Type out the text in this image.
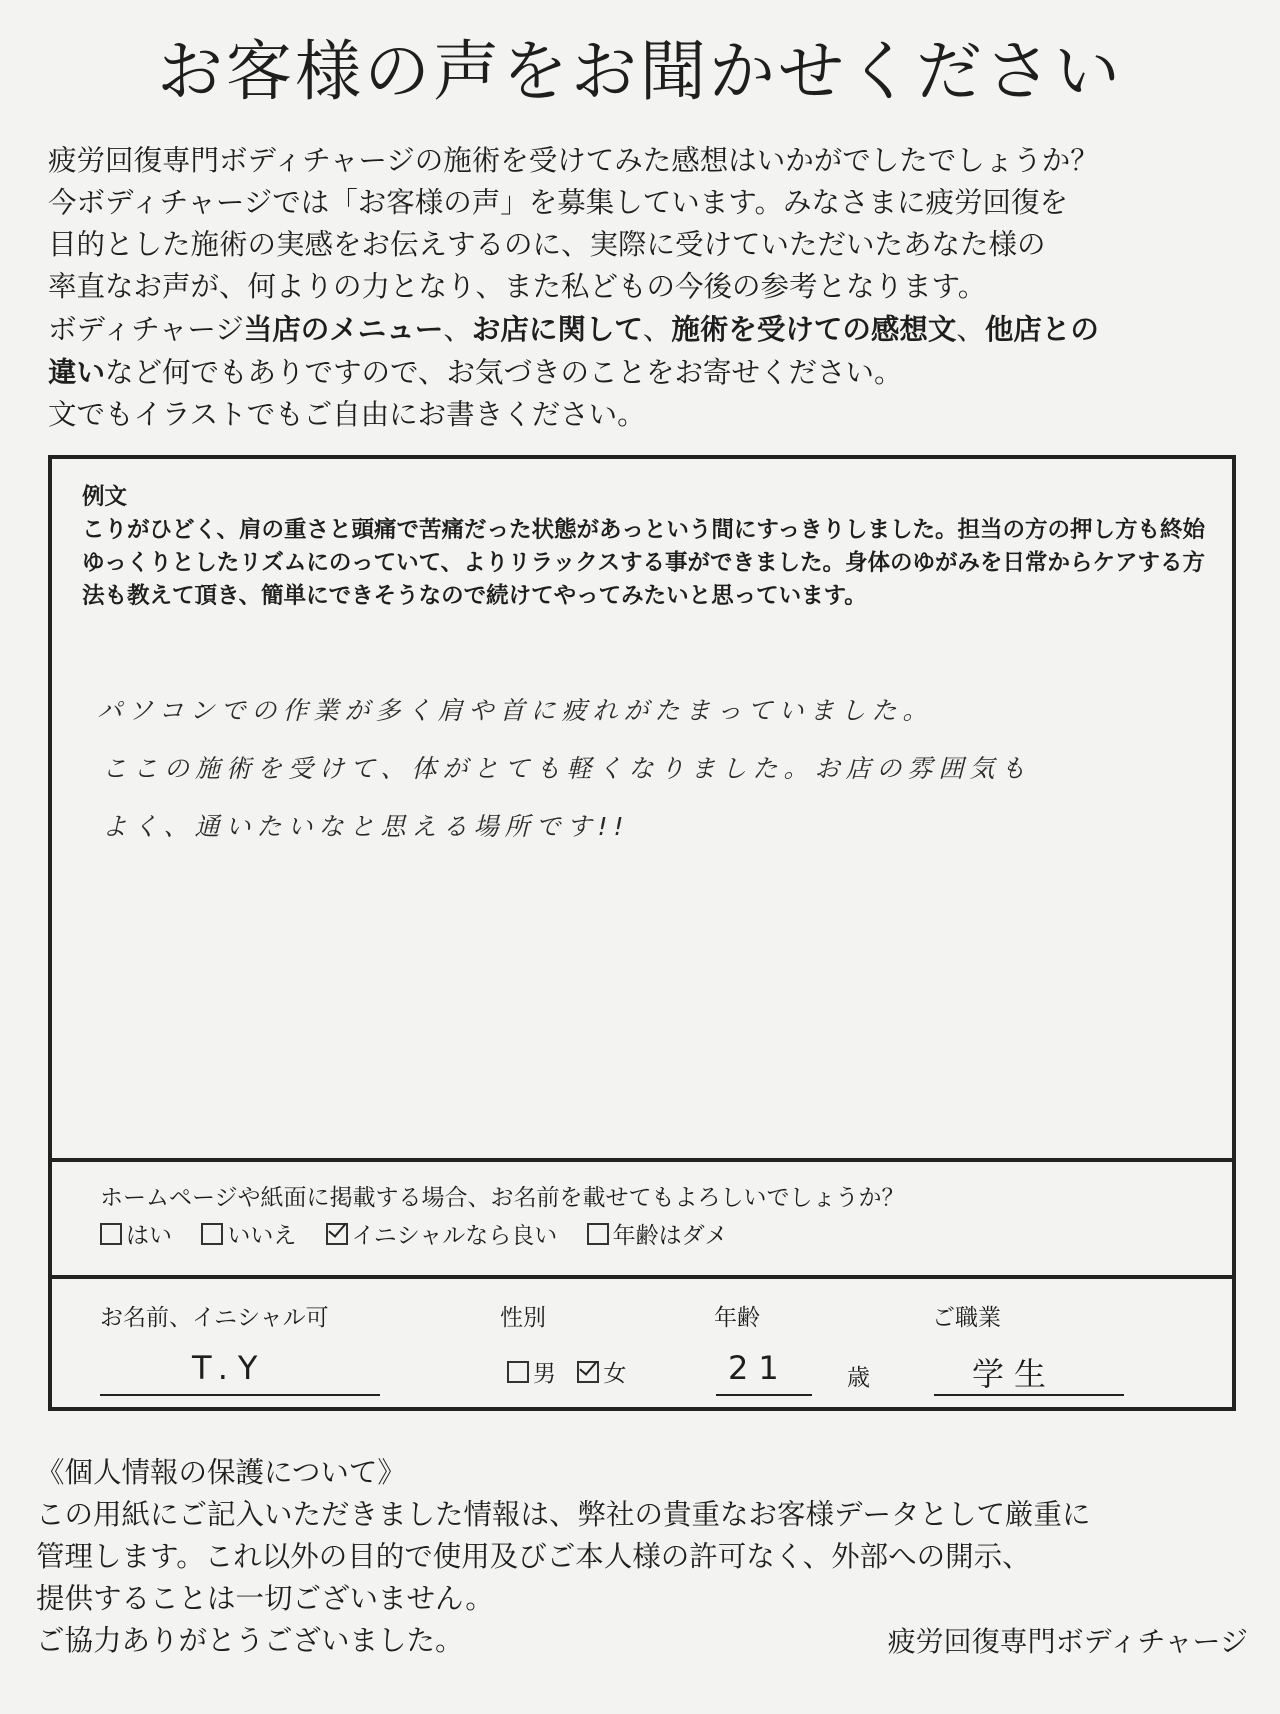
お客様の声をお聞かせください

疲労回復専門ボディチャージの施術を受けてみた感想はいかがでしたでしょうか？

今ボディチャージでは「お客様の声」を募集しています。みなさまに疲労回復を

目的とした施術の実感をお伝えするのに、実際に受けていただいたあなた様の

率直なお声が、何よりの力となり、また私どもの今後の参考となります。

ボディチャージ当店のメニュー、お店に関して、施術を受けての感想文、他店との

違いなど何でもありですので、お気づきのことをお寄せください。

文でもイラストでもご自由にお書きください。

例文
こりがひどく、肩の重さと頭痛で苦痛だった状態があっという間にすっきりしました。担当の方の押し方も終始ゆっくりとしたリズムにのっていて、よりリラックスする事ができました。身体のゆがみを日常からケアする方法も教えて頂き、簡単にできそうなので続けてやってみたいと思っています。
パソコンでの作業が多く肩や首に疲れがたまっていました。
ここの施術を受けて、体がとても軽くなりました。お店の雰囲気も
よく、通いたいなと思える場所です!!
ホームページや紙面に掲載する場合、お名前を載せてもよろしいでしょうか？
はい いいえ イニシャルなら良い 年齢はダメ
お名前、イニシャル可
T.Y
性別
男 女
年齢
21	歳
ご職業
学生

《個人情報の保護について》

この用紙にご記入いただきました情報は、弊社の貴重なお客様データとして厳重に

管理します。これ以外の目的で使用及びご本人様の許可なく、外部への開示、

提供することは一切ございません。

ご協力ありがとうございました。	疲労回復専門ボディチャージ
